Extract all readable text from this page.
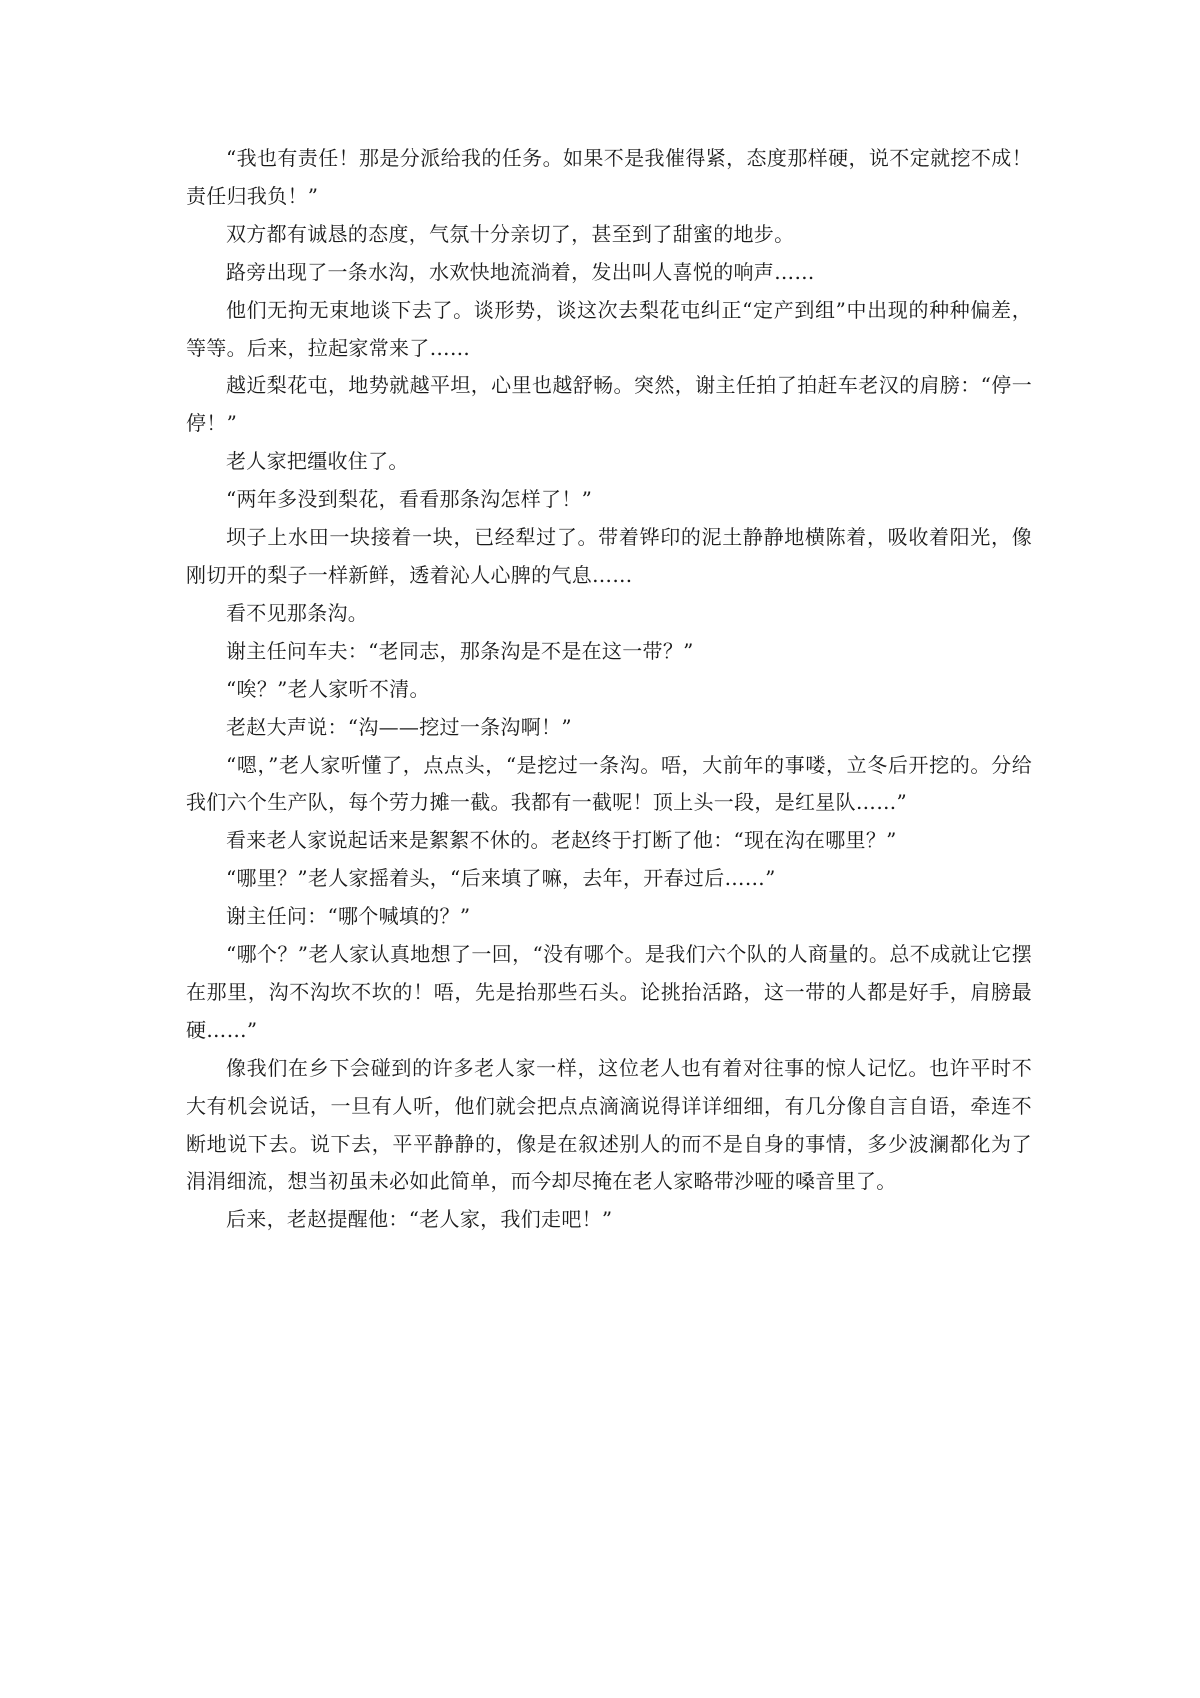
“我也有责任！那是分派给我的任务。如果不是我催得紧，态度那样硬，说不定就挖不成！责任归我负！”

双方都有诚恳的态度，气氛十分亲切了，甚至到了甜蜜的地步。

路旁出现了一条水沟，水欢快地流淌着，发出叫人喜悦的响声……

他们无拘无束地谈下去了。谈形势，谈这次去梨花屯纠正“定产到组”中出现的种种偏差，等等。后来，拉起家常来了……

越近梨花屯，地势就越平坦，心里也越舒畅。突然，谢主任拍了拍赶车老汉的肩膀：“停一停！”

老人家把缰收住了。

“两年多没到梨花，看看那条沟怎样了！”

坝子上水田一块接着一块，已经犁过了。带着铧印的泥土静静地横陈着，吸收着阳光，像刚切开的梨子一样新鲜，透着沁人心脾的气息……

看不见那条沟。

谢主任问车夫：“老同志，那条沟是不是在这一带？”

“唉？”老人家听不清。

老赵大声说：“沟——挖过一条沟啊！”

“嗯，”老人家听懂了，点点头，“是挖过一条沟。唔，大前年的事喽，立冬后开挖的。分给我们六个生产队，每个劳力摊一截。我都有一截呢！顶上头一段，是红星队……”

看来老人家说起话来是絮絮不休的。老赵终于打断了他：“现在沟在哪里？”

“哪里？”老人家摇着头，“后来填了嘛，去年，开春过后……”

谢主任问：“哪个喊填的？”

“哪个？”老人家认真地想了一回，“没有哪个。是我们六个队的人商量的。总不成就让它摆在那里，沟不沟坎不坎的！唔，先是抬那些石头。论挑抬活路，这一带的人都是好手，肩膀最硬……”

像我们在乡下会碰到的许多老人家一样，这位老人也有着对往事的惊人记忆。也许平时不大有机会说话，一旦有人听，他们就会把点点滴滴说得详详细细，有几分像自言自语，牵连不断地说下去。说下去，平平静静的，像是在叙述别人的而不是自身的事情，多少波澜都化为了涓涓细流，想当初虽未必如此简单，而今却尽掩在老人家略带沙哑的嗓音里了。

后来，老赵提醒他：“老人家，我们走吧！”
